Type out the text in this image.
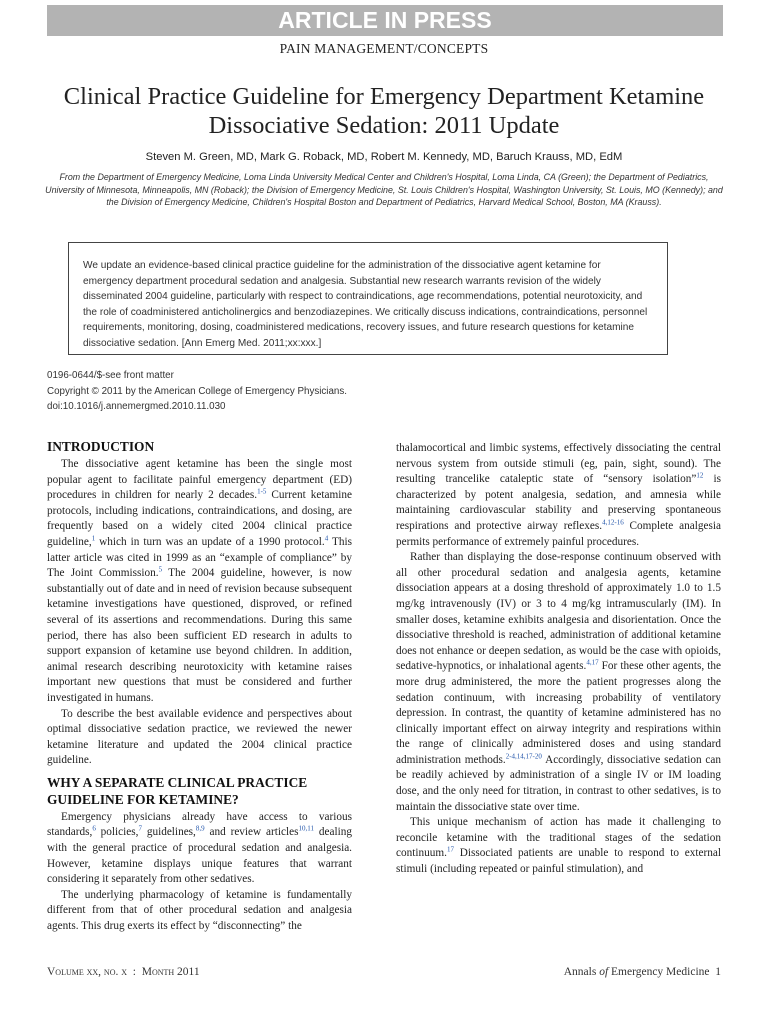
ARTICLE IN PRESS
PAIN MANAGEMENT/CONCEPTS
Clinical Practice Guideline for Emergency Department Ketamine
Dissociative Sedation: 2011 Update
Steven M. Green, MD, Mark G. Roback, MD, Robert M. Kennedy, MD, Baruch Krauss, MD, EdM
From the Department of Emergency Medicine, Loma Linda University Medical Center and Children's Hospital, Loma Linda, CA (Green); the Department of Pediatrics, University of Minnesota, Minneapolis, MN (Roback); the Division of Emergency Medicine, St. Louis Children's Hospital, Washington University, St. Louis, MO (Kennedy); and the Division of Emergency Medicine, Children's Hospital Boston and Department of Pediatrics, Harvard Medical School, Boston, MA (Krauss).
We update an evidence-based clinical practice guideline for the administration of the dissociative agent ketamine for emergency department procedural sedation and analgesia. Substantial new research warrants revision of the widely disseminated 2004 guideline, particularly with respect to contraindications, age recommendations, potential neurotoxicity, and the role of coadministered anticholinergics and benzodiazepines. We critically discuss indications, contraindications, personnel requirements, monitoring, dosing, coadministered medications, recovery issues, and future research questions for ketamine dissociative sedation. [Ann Emerg Med. 2011;xx:xxx.]
0196-0644/$-see front matter
Copyright © 2011 by the American College of Emergency Physicians.
doi:10.1016/j.annemergmed.2010.11.030
INTRODUCTION

The dissociative agent ketamine has been the single most popular agent to facilitate painful emergency department (ED) procedures in children for nearly 2 decades.$^{1-5}$ Current ketamine protocols, including indications, contraindications, and dosing, are frequently based on a widely cited 2004 clinical practice guideline,$^1$ which in turn was an update of a 1990 protocol.$^4$ This latter article was cited in 1999 as an “example of compliance” by The Joint Commission.$^5$ The 2004 guideline, however, is now substantially out of date and in need of revision because subsequent ketamine investigations have questioned, disproved, or refined several of its assertions and recommendations. During this same period, there has also been sufficient ED research in adults to support expansion of ketamine use beyond children. In addition, animal research describing neurotoxicity with ketamine raises important new questions that must be considered and further investigated in humans.

To describe the best available evidence and perspectives about optimal dissociative sedation practice, we reviewed the newer ketamine literature and updated the 2004 clinical practice guideline.

WHY A SEPARATE CLINICAL PRACTICE GUIDELINE FOR KETAMINE?

Emergency physicians already have access to various standards,$^6$ policies,$^7$ guidelines,$^{8,9}$ and review articles$^{10,11}$ dealing with the general practice of procedural sedation and analgesia. However, ketamine displays unique features that warrant considering it separately from other sedatives.

The underlying pharmacology of ketamine is fundamentally different from that of other procedural sedation and analgesia agents. This drug exerts its effect by “disconnecting” the

thalamocortical and limbic systems, effectively dissociating the central nervous system from outside stimuli (eg, pain, sight, sound). The resulting trancelike cataleptic state of “sensory isolation”$^{12}$ is characterized by potent analgesia, sedation, and amnesia while maintaining cardiovascular stability and preserving spontaneous respirations and protective airway reflexes.$^{4,12-16}$ Complete analgesia permits performance of extremely painful procedures.

Rather than displaying the dose-response continuum observed with all other procedural sedation and analgesia agents, ketamine dissociation appears at a dosing threshold of approximately 1.0 to 1.5 mg/kg intravenously (IV) or 3 to 4 mg/kg intramuscularly (IM). In smaller doses, ketamine exhibits analgesia and disorientation. Once the dissociative threshold is reached, administration of additional ketamine does not enhance or deepen sedation, as would be the case with opioids, sedative-hypnotics, or inhalational agents.$^{4,17}$ For these other agents, the more drug administered, the more the patient progresses along the sedation continuum, with increasing probability of ventilatory depression. In contrast, the quantity of ketamine administered has no clinically important effect on airway integrity and respirations within the range of clinically administered doses and using standard administration methods.$^{2-4,14,17-20}$ Accordingly, dissociative sedation can be readily achieved by administration of a single IV or IM loading dose, and the only need for titration, in contrast to other sedatives, is to maintain the dissociative state over time.

This unique mechanism of action has made it challenging to reconcile ketamine with the traditional stages of the sedation continuum.$^{17}$ Dissociated patients are unable to respond to external stimuli (including repeated or painful stimulation), and

Volume xx, no. x : Month 2011	Annals of Emergency Medicine 1
